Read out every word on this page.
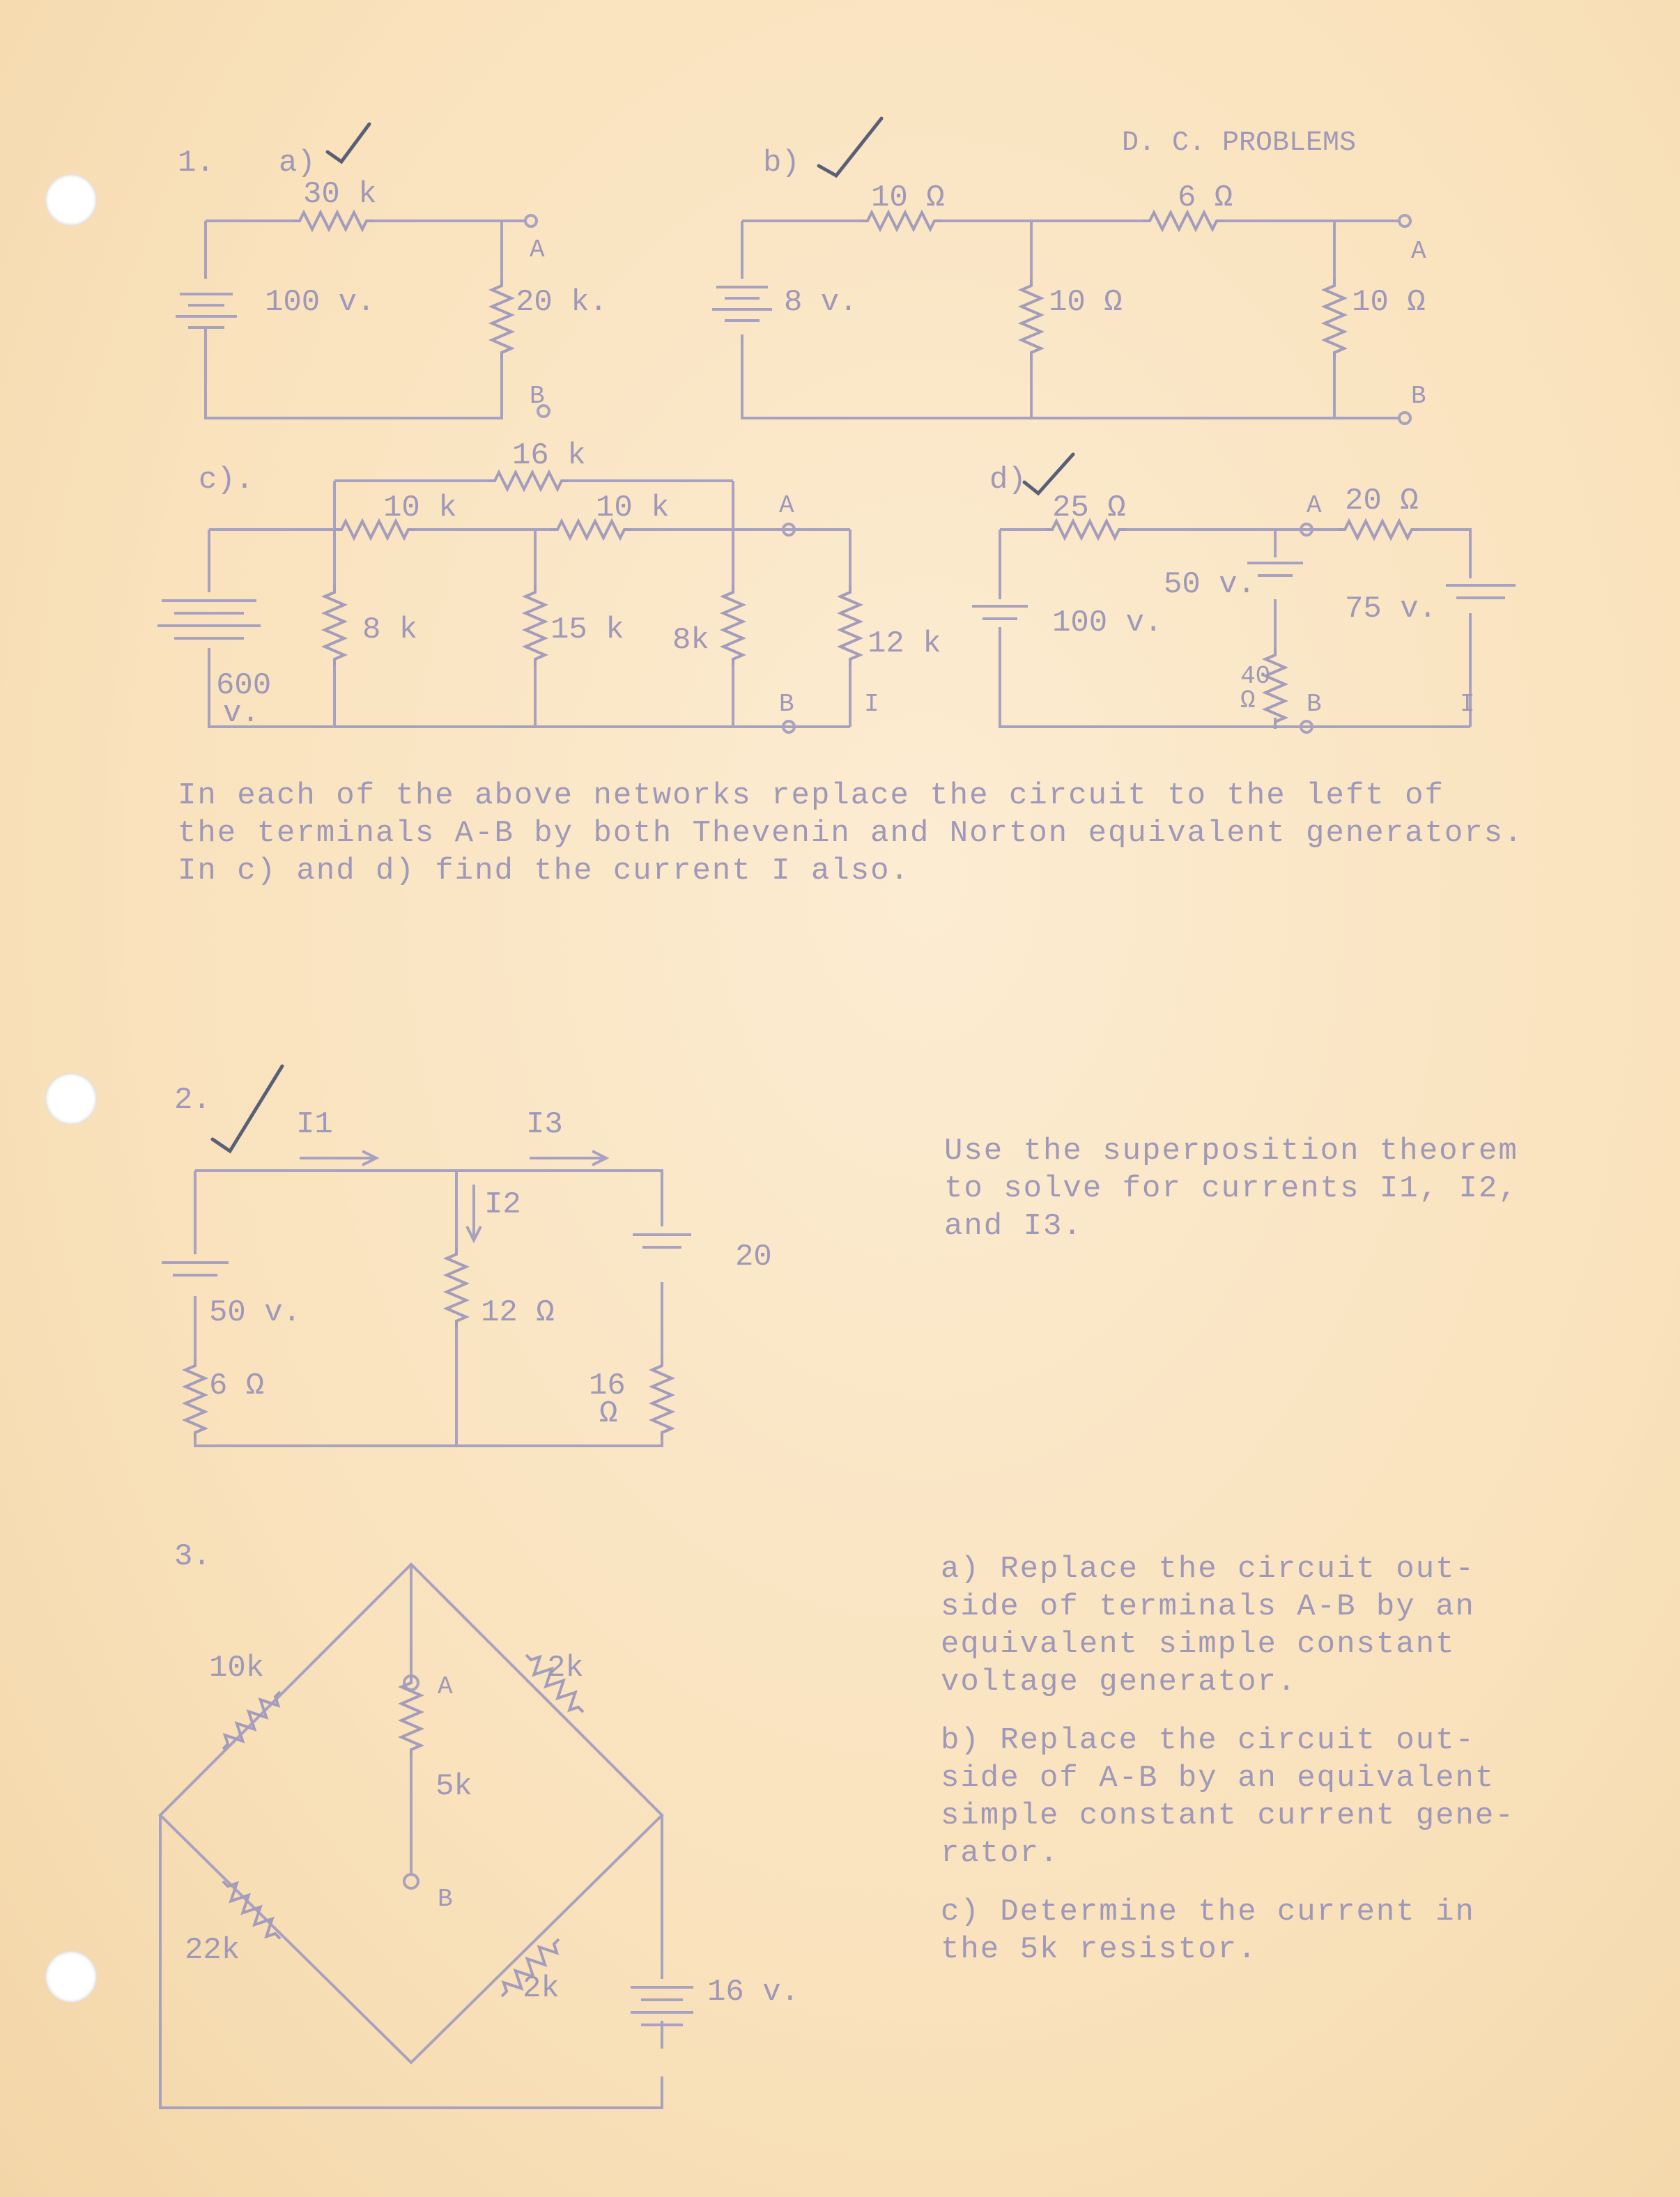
1.
D. C. PROBLEMS
a)
30 k
100 v.	20 k.
A
B
b)
10 Ω	6 Ω
8 v.	10 Ω	10 Ω
A
B
c).
16 k
10 k	10 k
8 k	15 k 8k	12 k
600
v.
A
B	I
d)
25 Ω	20 Ω
50 v.
75 v.
100 v.
40
Ω
A
B	I
2.
I1	I3
I2
50 v.
6 Ω
12 Ω
20
16
Ω
3.
10k	2k
5k
22k
2k	16 v.
A
B
In each of the above networks replace the circuit to the left of
the terminals A-B by both Thevenin and Norton equivalent generators.
In c) and d) find the current I also.
Use the superposition theorem
to solve for currents I1, I2,
and I3.
a) Replace the circuit out-
side of terminals A-B by an
equivalent simple constant
voltage generator.
b) Replace the circuit out-
side of A-B by an equivalent
simple constant current gene-
rator.
c) Determine the current in
the 5k resistor.
